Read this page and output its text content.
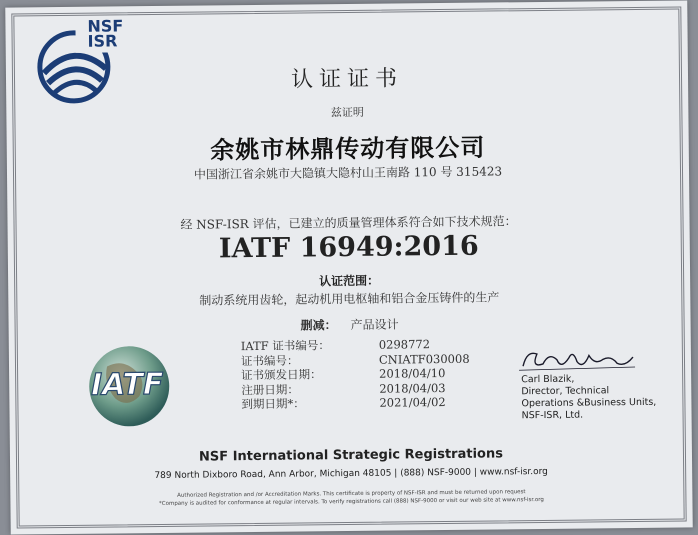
NSF
ISR
认证证书
兹证明
余姚市林鼎传动有限公司
中国浙江省余姚市大隐镇大隐村山王南路 110 号 315423
经 NSF-ISR 评估，已建立的质量管理体系符合如下技术规范：
IATF 16949:2016
认证范围：
制动系统用齿轮，起动机用电枢轴和铝合金压铸件的生产
删减： 产品设计
IATF
IATF 证书编号：	0298772
证书编号：	CNIATF030008
证书颁发日期：	2018/04/10
注册日期：	2018/04/03
到期日期*：	2021/04/02
Carl Blazik,
Director, Technical
Operations &Business Units,
NSF-ISR, Ltd.
NSF International Strategic Registrations
789 North Dixboro Road, Ann Arbor, Michigan 48105 | (888) NSF-9000 | www.nsf-isr.org
Authorized Registration and /or Accreditation Marks. This certificate is property of NSF-ISR and must be returned upon request
*Company is audited for conformance at regular intervals. To verify registrations call (888) NSF-9000 or visit our web site at www.nsf-isr.org
